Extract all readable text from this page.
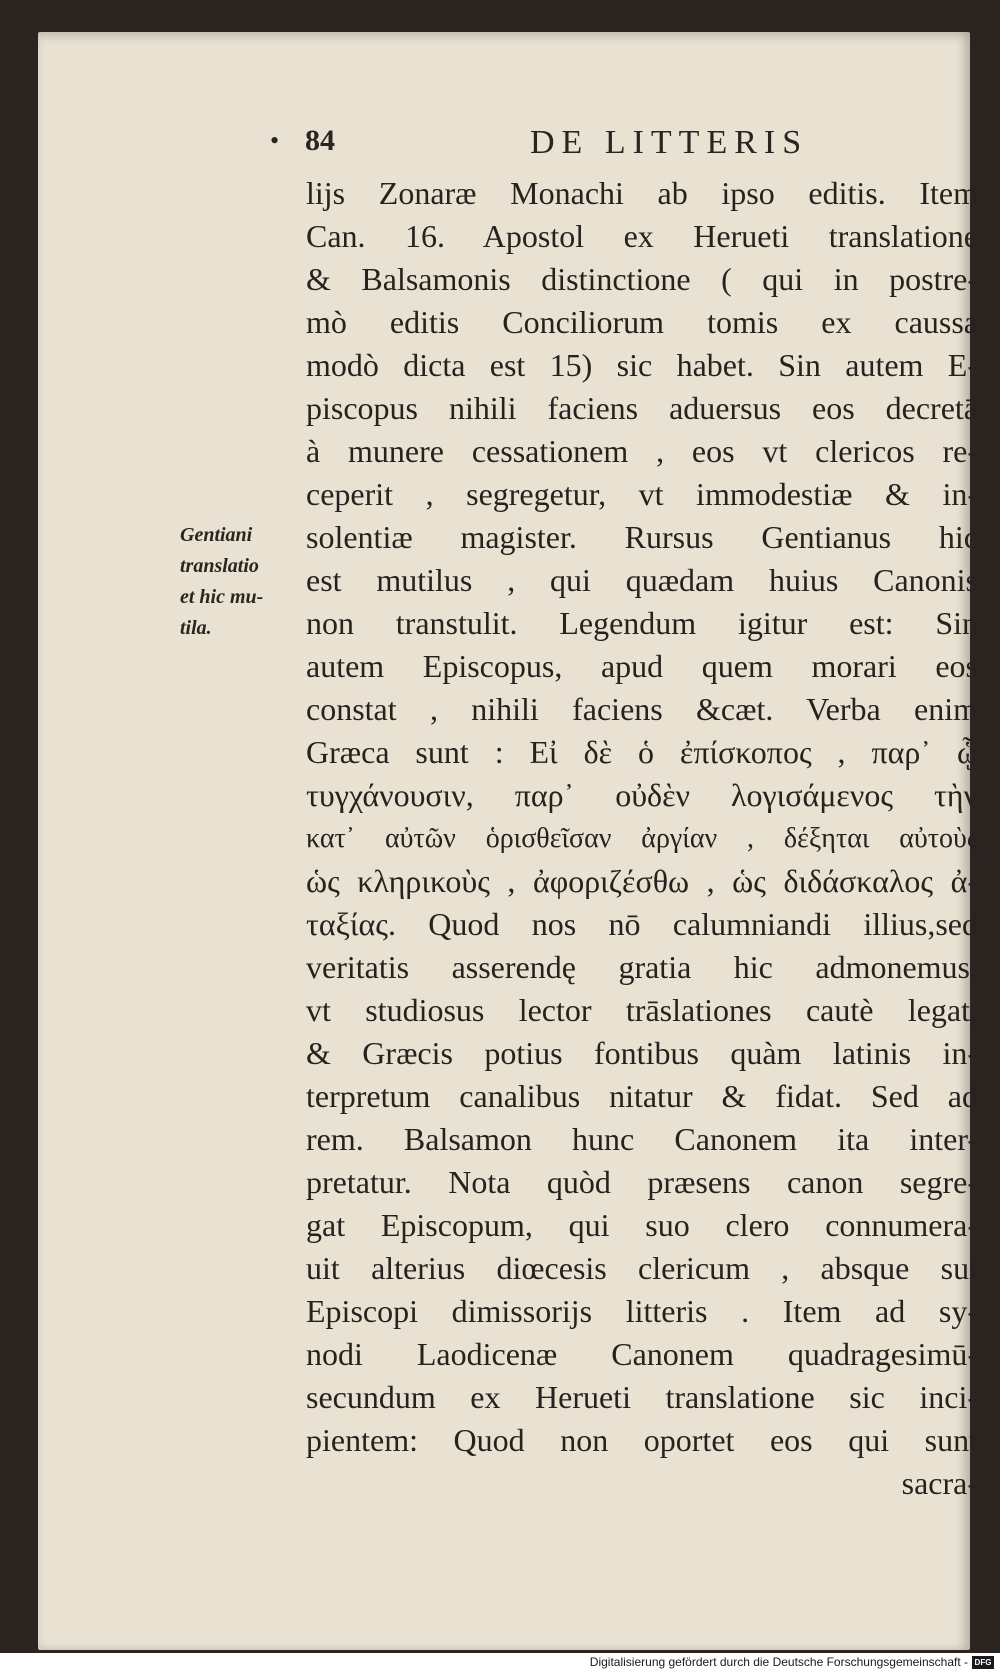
• 84	DE LITTERIS
Gentiani
translatio
et hic mu-
tila.
lijs Zonaræ Monachi ab ipso editis. Item
Can. 16. Apostol ex Herueti translatione
& Balsamonis distinctione ( qui in postre-
mò editis Conciliorum tomis ex caussa
modò dicta est 15) sic habet. Sin autem E-
piscopus nihili faciens aduersus eos decretā
à munere cessationem , eos vt clericos re-
ceperit , segregetur, vt immodestiæ & in-
solentiæ magister. Rursus Gentianus hic
est mutilus , qui quædam huius Canonis
non transtulit. Legendum igitur est: Sin
autem Episcopus, apud quem morari eos
constat , nihili faciens &cæt. Verba enim
Græca sunt : Εἰ δὲ ὁ ἐπίσκοπος , παρ᾽ ᾧ
τυγχάνουσιν, παρ᾽ οὐδὲν λογισάμενος τὴν
κατ᾽ αὐτῶν ὁρισθεῖσαν ἀργίαν , δέξηται αὐτοὺς
ὡς κληρικοὺς , ἀφοριζέσθω , ὡς διδάσκαλος ἀ-
ταξίας. Quod nos nō calumniandi illius,sed
veritatis asserendę gratia hic admonemus,
vt studiosus lector trāslationes cautè legat,
& Græcis potius fontibus quàm latinis in-
terpretum canalibus nitatur & fidat. Sed ad
rem. Balsamon hunc Canonem ita inter-
pretatur. Nota quòd præsens canon segre-
gat Episcopum, qui suo clero connumera-
uit alterius diœcesis clericum , absque sui
Episcopi dimissorijs litteris . Item ad sy-
nodi Laodicenæ Canonem quadragesimū-
secundum ex Herueti translatione sic inci-
pientem: Quod non oportet eos qui sunt
sacra-
Digitalisierung gefördert durch die Deutsche Forschungsgemeinschaft - DFG
